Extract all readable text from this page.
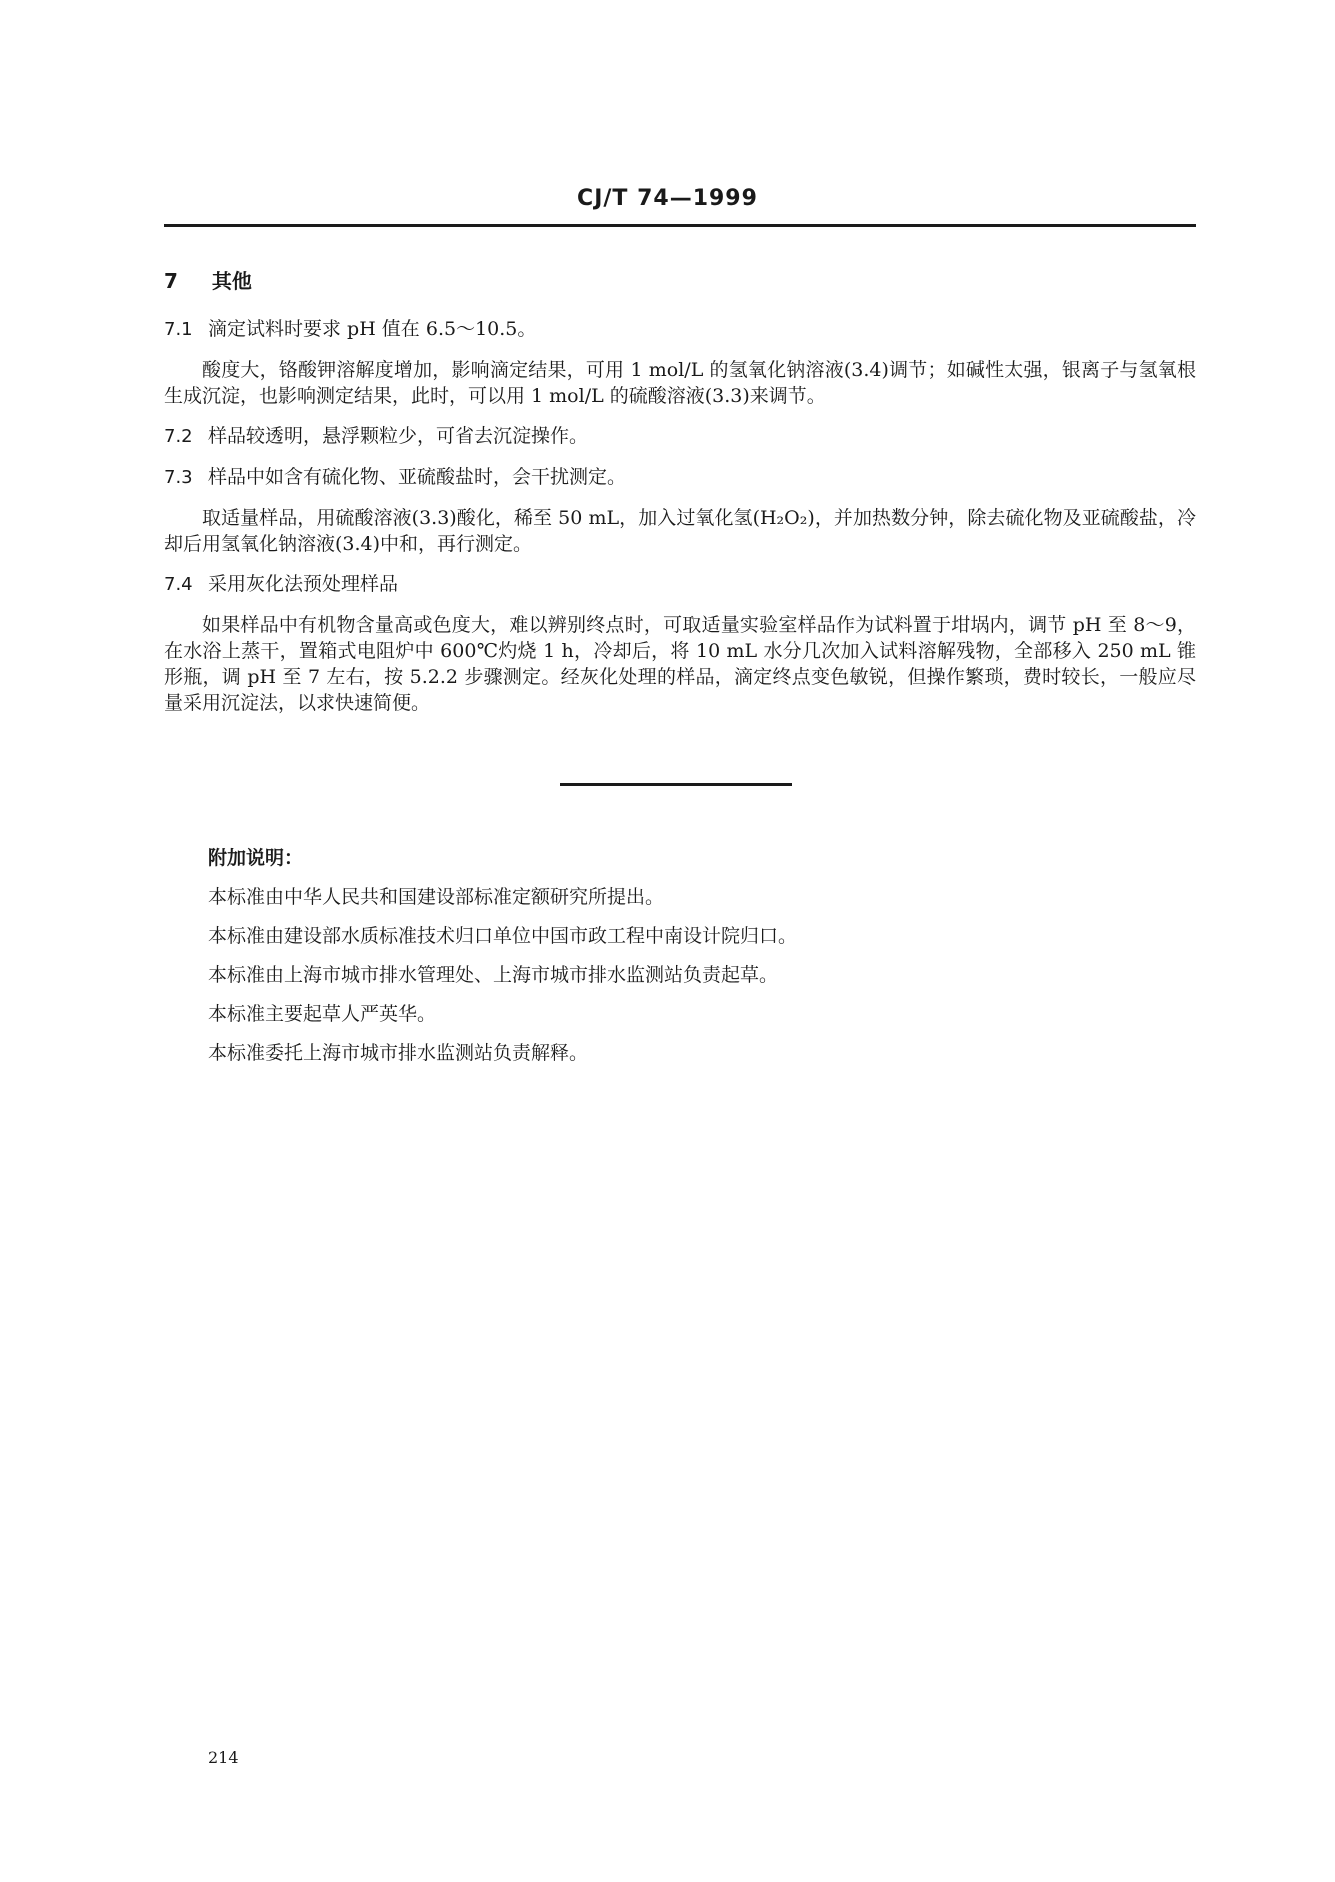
CJ/T 74—1999
7 其他

7.1 滴定试料时要求 pH 值在 6.5～10.5。

酸度大，铬酸钾溶解度增加，影响滴定结果，可用 1 mol/L 的氢氧化钠溶液(3.4)调节；如碱性太强，银离子与氢氧根生成沉淀，也影响测定结果，此时，可以用 1 mol/L 的硫酸溶液(3.3)来调节。

7.2 样品较透明，悬浮颗粒少，可省去沉淀操作。

7.3 样品中如含有硫化物、亚硫酸盐时，会干扰测定。

取适量样品，用硫酸溶液(3.3)酸化，稀至 50 mL，加入过氧化氢(H₂O₂)，并加热数分钟，除去硫化物及亚硫酸盐，冷却后用氢氧化钠溶液(3.4)中和，再行测定。

7.4 采用灰化法预处理样品

如果样品中有机物含量高或色度大，难以辨别终点时，可取适量实验室样品作为试料置于坩埚内，调节 pH 至 8～9，在水浴上蒸干，置箱式电阻炉中 600℃灼烧 1 h，冷却后，将 10 mL 水分几次加入试料溶解残物，全部移入 250 mL 锥形瓶，调 pH 至 7 左右，按 5.2.2 步骤测定。经灰化处理的样品，滴定终点变色敏锐，但操作繁琐，费时较长，一般应尽量采用沉淀法，以求快速简便。

附加说明：

本标准由中华人民共和国建设部标准定额研究所提出。

本标准由建设部水质标准技术归口单位中国市政工程中南设计院归口。

本标准由上海市城市排水管理处、上海市城市排水监测站负责起草。

本标准主要起草人严英华。

本标准委托上海市城市排水监测站负责解释。

214
